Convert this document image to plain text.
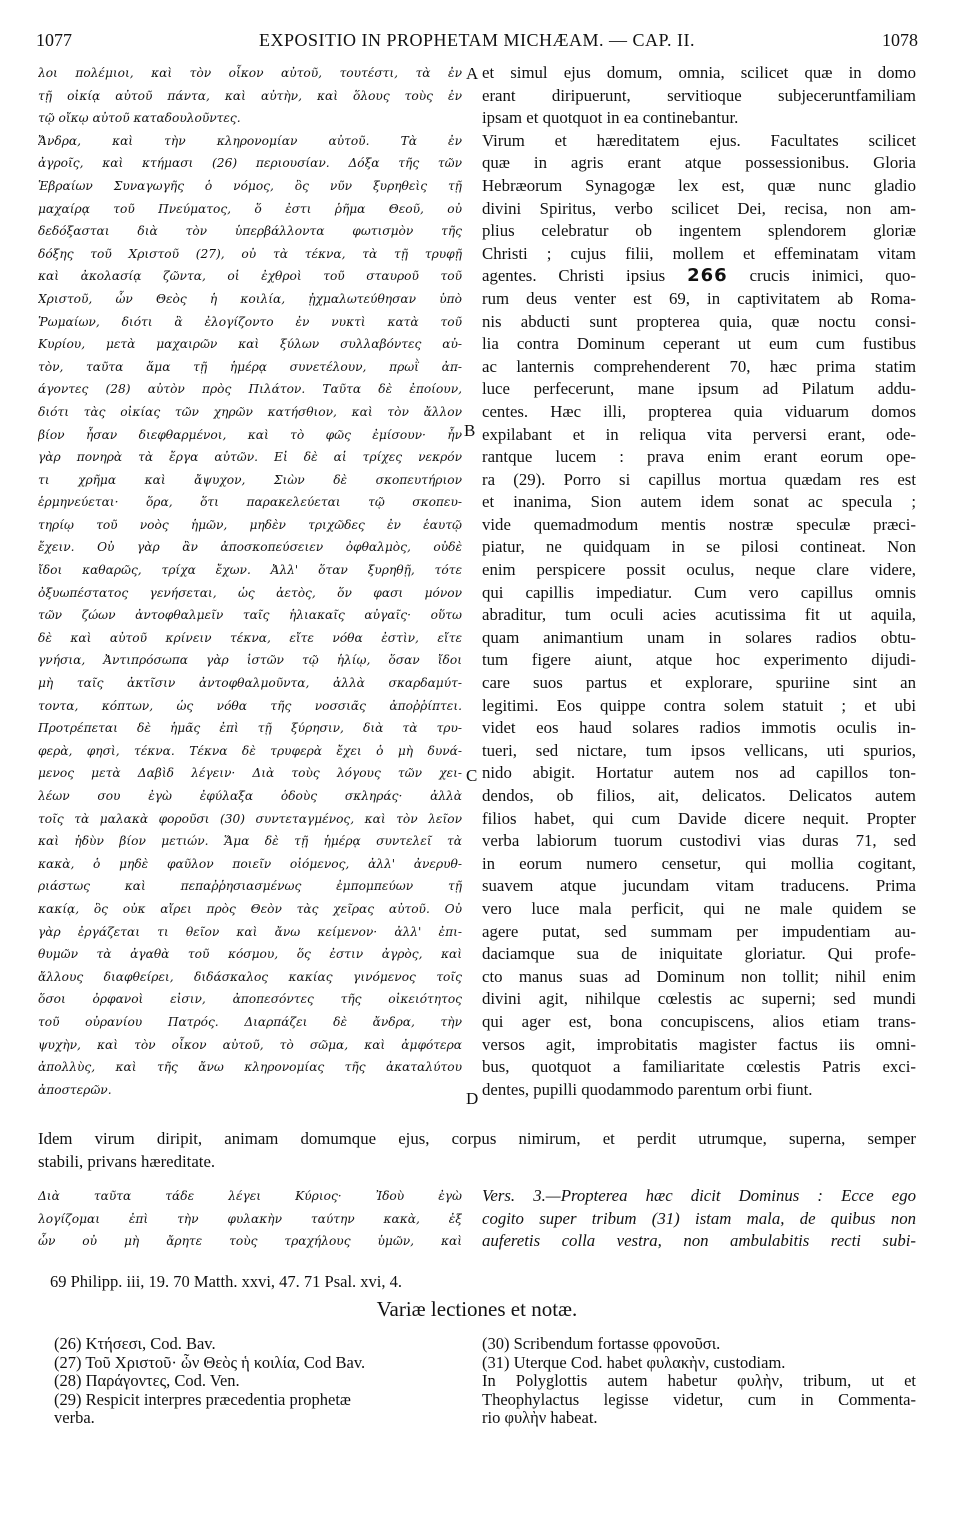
1077	EXPOSITIO IN PROPHETAM MICHÆAM. — CAP. II.	1078
λοι πολέμιοι, καὶ τὸν οἶκον αὐτοῦ, τουτέστι, τὰ ἐν
τῇ οἰκίᾳ αὐτοῦ πάντα, καὶ αὐτὴν, καὶ ὅλους τοὺς ἐν
τῷ οἴκῳ αὐτοῦ καταδουλοῦντες.
Ἄνδρα, καὶ τὴν κληρονομίαν αὐτοῦ. Τὰ ἐν
ἀγροῖς, καὶ κτήμασι (26) περιουσίαν. Δόξα τῆς τῶν
Ἑβραίων Συναγωγῆς ὁ νόμος, ὃς νῦν ξυρηθεὶς τῇ
μαχαίρᾳ τοῦ Πνεύματος, ὅ ἐστι ῥῆμα Θεοῦ, οὐ
δεδόξασται διὰ τὸν ὑπερβάλλοντα φωτισμὸν τῆς
δόξης τοῦ Χριστοῦ (27), οὐ τὰ τέκνα, τὰ τῇ τρυφῇ
καὶ ἀκολασίᾳ ζῶντα, οἱ ἐχθροὶ τοῦ σταυροῦ τοῦ
Χριστοῦ, ὧν Θεὸς ἡ κοιλία, ᾐχμαλωτεύθησαν ὑπὸ
Ῥωμαίων, διότι ἃ ἐλογίζοντο ἐν νυκτὶ κατὰ τοῦ
Κυρίου, μετὰ μαχαιρῶν καὶ ξύλων συλλαβόντες αὐ-
τὸν, ταῦτα ἅμα τῇ ἡμέρᾳ συνετέλουν, πρωῒ ἀπ-
άγοντες (28) αὐτὸν πρὸς Πιλάτον. Ταῦτα δὲ ἐποίουν,
διότι τὰς οἰκίας τῶν χηρῶν κατήσθιον, καὶ τὸν ἄλλον
βίον ἦσαν διεφθαρμένοι, καὶ τὸ φῶς ἐμίσουν· ἦν
γὰρ πονηρὰ τὰ ἔργα αὐτῶν. Εἰ δὲ αἱ τρίχες νεκρόν
τι χρῆμα καὶ ἄψυχον, Σιὼν δὲ σκοπευτήριον
ἑρμηνεύεται· ὅρα, ὅτι παρακελεύεται τῷ σκοπευ-
τηρίῳ τοῦ νοὸς ἡμῶν, μηδὲν τριχῶδες ἐν ἑαυτῷ
ἔχειν. Οὐ γὰρ ἂν ἀποσκοπεύσειεν ὀφθαλμὸς, οὐδὲ
ἴδοι καθαρῶς, τρίχα ἔχων. Ἀλλ' ὅταν ξυρηθῇ, τότε
ὀξυωπέστατος γενήσεται, ὡς ἀετὸς, ὅν φασι μόνον
τῶν ζώων ἀντοφθαλμεῖν ταῖς ἡλιακαῖς αὐγαῖς· οὕτω
δὲ καὶ αὐτοῦ κρίνειν τέκνα, εἴτε νόθα ἐστὶν, εἴτε
γνήσια, Ἀντιπρόσωπα γὰρ ἱστῶν τῷ ἡλίῳ, ὅσαν ἴδοι
μὴ ταῖς ἀκτῖσιν ἀντοφθαλμοῦντα, ἀλλὰ σκαρδαμύτ-
τοντα, κόπτων, ὡς νόθα τῆς νοσσιᾶς ἀποῤῥίπτει.
Προτρέπεται δὲ ἡμᾶς ἐπὶ τῇ ξύρησιν, διὰ τὰ τρυ-
φερὰ, φησὶ, τέκνα. Τέκνα δὲ τρυφερὰ ἔχει ὁ μὴ δυνά-
μενος μετὰ Δαβὶδ λέγειν· Διὰ τοὺς λόγους τῶν χει-
λέων σου ἐγὼ ἐφύλαξα ὁδοὺς σκληράς· ἀλλὰ
τοῖς τὰ μαλακὰ φοροῦσι (30) συντεταγμένος, καὶ τὸν λεῖον
καὶ ἡδὺν βίον μετιών. Ἅμα δὲ τῇ ἡμέρᾳ συντελεῖ τὰ
κακὰ, ὁ μηδὲ φαῦλον ποιεῖν οἰόμενος, ἀλλ' ἀνερυθ-
ριάστως καὶ πεπαῤῥησιασμένως ἐμπομπεύων τῇ
κακίᾳ, ὃς οὐκ αἴρει πρὸς Θεὸν τὰς χεῖρας αὐτοῦ. Οὐ
γὰρ ἐργάζεται τι θεῖον καὶ ἄνω κείμενον· ἀλλ' ἐπι-
θυμῶν τὰ ἀγαθὰ τοῦ κόσμου, ὅς ἐστιν ἀγρὸς, καὶ
ἄλλους διαφθείρει, διδάσκαλος κακίας γινόμενος τοῖς
ὅσοι ὀρφανοὶ εἰσιν, ἀποπεσόντες τῆς οἰκειότητος
τοῦ οὐρανίου Πατρός. Διαρπάζει δὲ ἄνδρα, τὴν
ψυχὴν, καὶ τὸν οἶκον αὐτοῦ, τὸ σῶμα, καὶ ἀμφότερα
ἀπολλὺς, καὶ τῆς ἄνω κληρονομίας τῆς ἀκαταλύτου
ἀποστερῶν.
et simul ejus domum, omnia, scilicet quæ in domo
erant diripuerunt, servitioque subjeceruntfamiliam
ipsam et quotquot in ea continebantur.
Virum et hæreditatem ejus. Facultates scilicet
quæ in agris erant atque possessionibus. Gloria
Hebræorum Synagogæ lex est, quæ nunc gladio
divini Spiritus, verbo scilicet Dei, recisa, non am-
plius celebratur ob ingentem splendorem gloriæ
Christi ; cujus filii, mollem et effeminatam vitam
agentes. Christi ipsius 266 crucis inimici, quo-
rum deus venter est 69, in captivitatem ab Roma-
nis abducti sunt propterea quia, quæ noctu consi-
lia contra Dominum ceperant ut eum cum fustibus
ac lanternis comprehenderent 70, hæc prima statim
luce perfecerunt, mane ipsum ad Pilatum addu-
centes. Hæc illi, propterea quia viduarum domos
expilabant et in reliqua vita perversi erant, ode-
rantque lucem : prava enim erant eorum ope-
ra (29). Porro si capillus mortua quædam res est
et inanima, Sion autem idem sonat ac specula ;
vide quemadmodum mentis nostræ speculæ præci-
piatur, ne quidquam in se pilosi contineat. Non
enim perspicere possit oculus, neque clare videre,
qui capillis impediatur. Cum vero capillus omnis
abraditur, tum oculi acies acutissima fit ut aquila,
quam animantium unam in solares radios obtu-
tum figere aiunt, atque hoc experimento dijudi-
care suos partus et explorare, spuriine sint an
legitimi. Eos quippe contra solem statuit ; et ubi
videt eos haud solares radios immotis oculis in-
tueri, sed nictare, tum ipsos vellicans, uti spurios,
nido abigit. Hortatur autem nos ad capillos ton-
dendos, ob filios, ait, delicatos. Delicatos autem
filios habet, qui cum Davide dicere nequit. Propter
verba labiorum tuorum custodivi vias duras 71, sed
in eorum numero censetur, qui mollia cogitant,
suavem atque jucundam vitam traducens. Prima
vero luce mala perficit, qui ne male quidem se
agere putat, sed summam per impudentiam au-
daciamque sua de iniquitate gloriatur. Qui profe-
cto manus suas ad Dominum non tollit; nihil enim
divini agit, nihilque cœlestis ac superni; sed mundi
qui ager est, bona concupiscens, alios etiam trans-
versos agit, improbitatis magister factus iis omni-
bus, quotquot a familiaritate cœlestis Patris exci-
dentes, pupilli quodammodo parentum orbi fiunt.
A
B
C
D
Idem virum diripit, animam domumque ejus, corpus nimirum, et perdit utrumque, superna, semper
stabili, privans hæreditate.
Διὰ ταῦτα τάδε λέγει Κύριος· Ἰδοὺ ἐγὼ
λογίζομαι ἐπὶ τὴν φυλακὴν ταύτην κακὰ, ἐξ
ὧν οὐ μὴ ἄρητε τοὺς τραχήλους ὑμῶν, καὶ
Vers. 3.—Propterea hæc dicit Dominus : Ecce ego
cogito super tribum (31) istam mala, de quibus non
auferetis colla vestra, non ambulabitis recti subi-
69 Philipp. iii, 19. 70 Matth. xxvi, 47. 71 Psal. xvi, 4.
Variæ lectiones et notæ.
(26) Κτήσεσι, Cod. Bav.
(27) Τοῦ Χριστοῦ· ὧν Θεὸς ἡ κοιλία, Cod Bav.
(28) Παράγοντες, Cod. Ven.
(29) Respicit interpres præcedentia prophetæ
verba.
(30) Scribendum fortasse φρονοῦσι.
(31) Uterque Cod. habet φυλακὴν, custodiam.
In Polyglottis autem habetur φυλὴν, tribum, ut et
Theophylactus legisse videtur, cum in Commenta-
rio φυλὴν habeat.
